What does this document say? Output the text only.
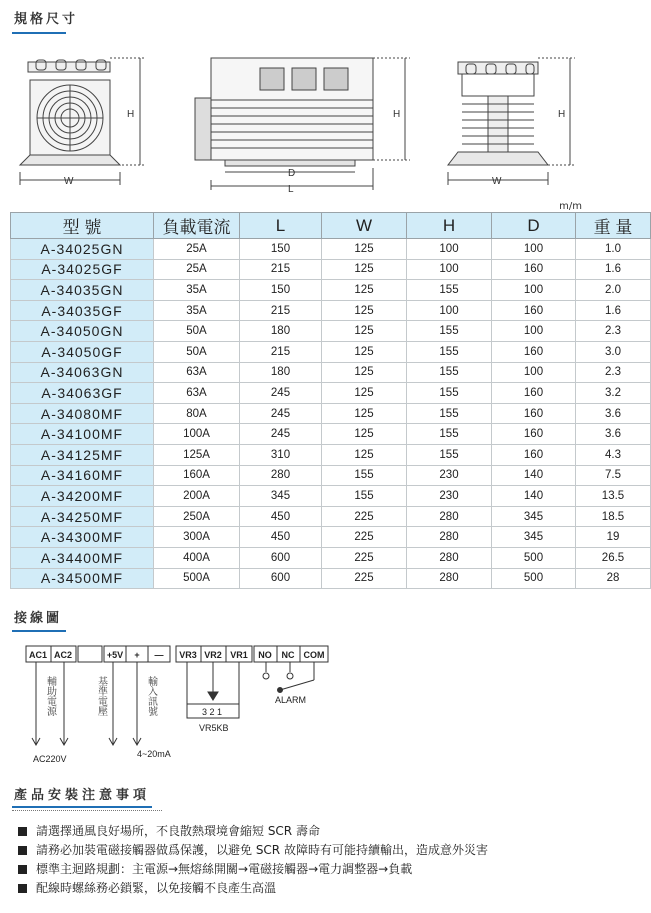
規格尺寸
H
W
H
D
L
H
W
m/m
型 號	負載電流	L	W	H	D	重 量
A-34025GN	25A	150	125	100	100	1.0
A-34025GF	25A	215	125	100	160	1.6
A-34035GN	35A	150	125	155	100	2.0
A-34035GF	35A	215	125	100	160	1.6
A-34050GN	50A	180	125	155	100	2.3
A-34050GF	50A	215	125	155	160	3.0
A-34063GN	63A	180	125	155	100	2.3
A-34063GF	63A	245	125	155	160	3.2
A-34080MF	80A	245	125	155	160	3.6
A-34100MF	100A	245	125	155	160	3.6
A-34125MF	125A	310	125	155	160	4.3
A-34160MF	160A	280	155	230	140	7.5
A-34200MF	200A	345	155	230	140	13.5
A-34250MF	250A	450	225	280	345	18.5
A-34300MF	300A	450	225	280	345	19
A-34400MF	400A	600	225	280	500	26.5
A-34500MF	500A	600	225	280	500	28
接線圖
AC1 AC2	+5V + — VR3 VR2 VR1 NO NC COM
3 2 1
VR5KB
ALARM
AC220V	4~20mA
輔助電源	基準電壓	輸入訊號
產品安裝注意事項
請選擇通風良好場所，不良散熱環境會縮短 SCR 壽命
請務必加裝電磁接觸器做爲保護，以避免 SCR 故障時有可能持續輸出，造成意外災害
標準主迴路規劃：主電源→無熔絲開關→電磁接觸器→電力調整器→負載
配線時螺絲務必鎖緊，以免接觸不良產生高溫
